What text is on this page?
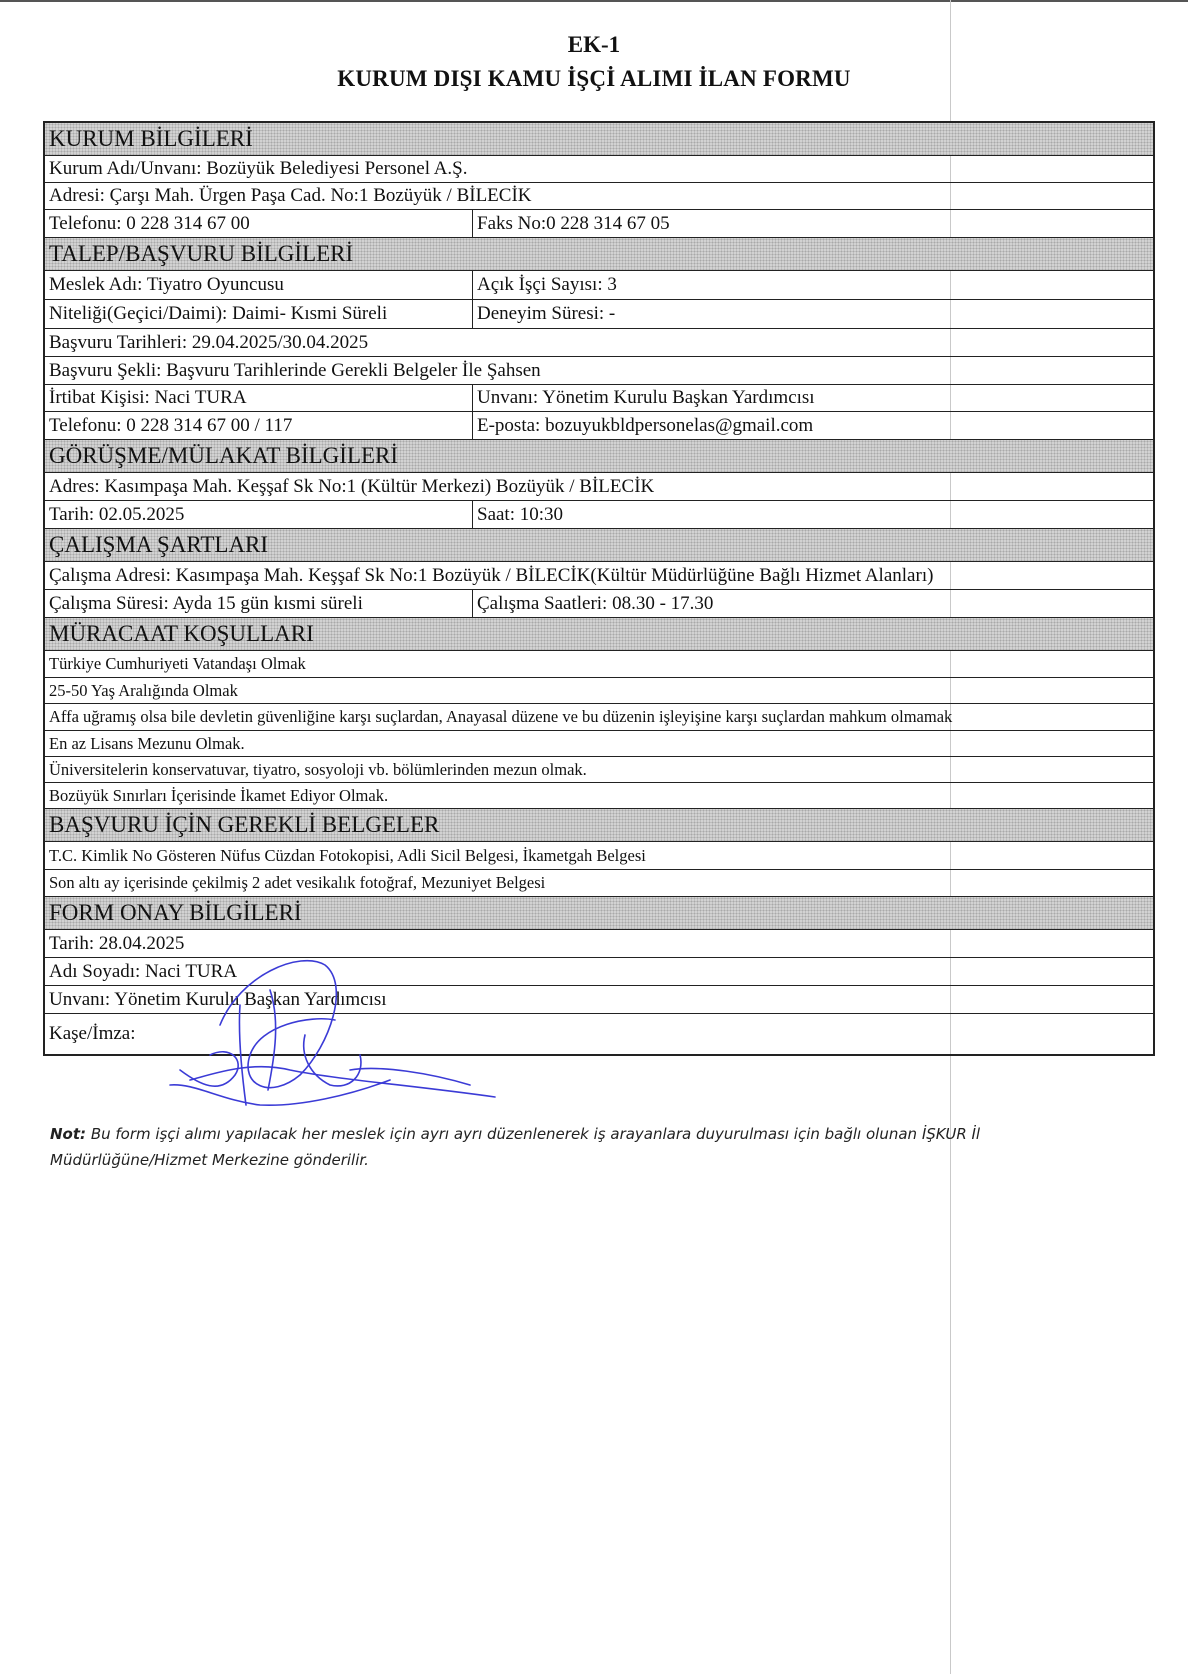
EK-1
KURUM DIŞI KAMU İŞÇİ ALIMI İLAN FORMU
KURUM BİLGİLERİ
Kurum Adı/Unvanı: Bozüyük Belediyesi Personel A.Ş.
Adresi: Çarşı Mah. Ürgen Paşa Cad. No:1 Bozüyük / BİLECİK
Telefonu: 0 228 314 67 00	Faks No:0 228 314 67 05
TALEP/BAŞVURU BİLGİLERİ
Meslek Adı: Tiyatro Oyuncusu	Açık İşçi Sayısı: 3
Niteliği(Geçici/Daimi): Daimi- Kısmi Süreli	Deneyim Süresi: -
Başvuru Tarihleri: 29.04.2025/30.04.2025
Başvuru Şekli: Başvuru Tarihlerinde Gerekli Belgeler İle Şahsen
İrtibat Kişisi: Naci TURA	Unvanı: Yönetim Kurulu Başkan Yardımcısı
Telefonu: 0 228 314 67 00 / 117	E-posta: bozuyukbldpersonelas@gmail.com
GÖRÜŞME/MÜLAKAT BİLGİLERİ
Adres: Kasımpaşa Mah. Keşşaf Sk No:1 (Kültür Merkezi) Bozüyük / BİLECİK
Tarih: 02.05.2025	Saat: 10:30
ÇALIŞMA ŞARTLARI
Çalışma Adresi: Kasımpaşa Mah. Keşşaf Sk No:1 Bozüyük / BİLECİK(Kültür Müdürlüğüne Bağlı Hizmet Alanları)
Çalışma Süresi: Ayda 15 gün kısmi süreli	Çalışma Saatleri: 08.30 - 17.30
MÜRACAAT KOŞULLARI
Türkiye Cumhuriyeti Vatandaşı Olmak
25-50 Yaş Aralığında Olmak
Affa uğramış olsa bile devletin güvenliğine karşı suçlardan, Anayasal düzene ve bu düzenin işleyişine karşı suçlardan mahkum olmamak
En az Lisans Mezunu Olmak.
Üniversitelerin konservatuvar, tiyatro, sosyoloji vb. bölümlerinden mezun olmak.
Bozüyük Sınırları İçerisinde İkamet Ediyor Olmak.
BAŞVURU İÇİN GEREKLİ BELGELER
T.C. Kimlik No Gösteren Nüfus Cüzdan Fotokopisi, Adli Sicil Belgesi, İkametgah Belgesi
Son altı ay içerisinde çekilmiş 2 adet vesikalık fotoğraf, Mezuniyet Belgesi
FORM ONAY BİLGİLERİ
Tarih: 28.04.2025
Adı Soyadı: Naci TURA
Unvanı: Yönetim Kurulu Başkan Yardımcısı
Kaşe/İmza:
Not: Bu form işçi alımı yapılacak her meslek için ayrı ayrı düzenlenerek iş arayanlara duyurulması için bağlı olunan İŞKUR İl Müdürlüğüne/Hizmet Merkezine gönderilir.
